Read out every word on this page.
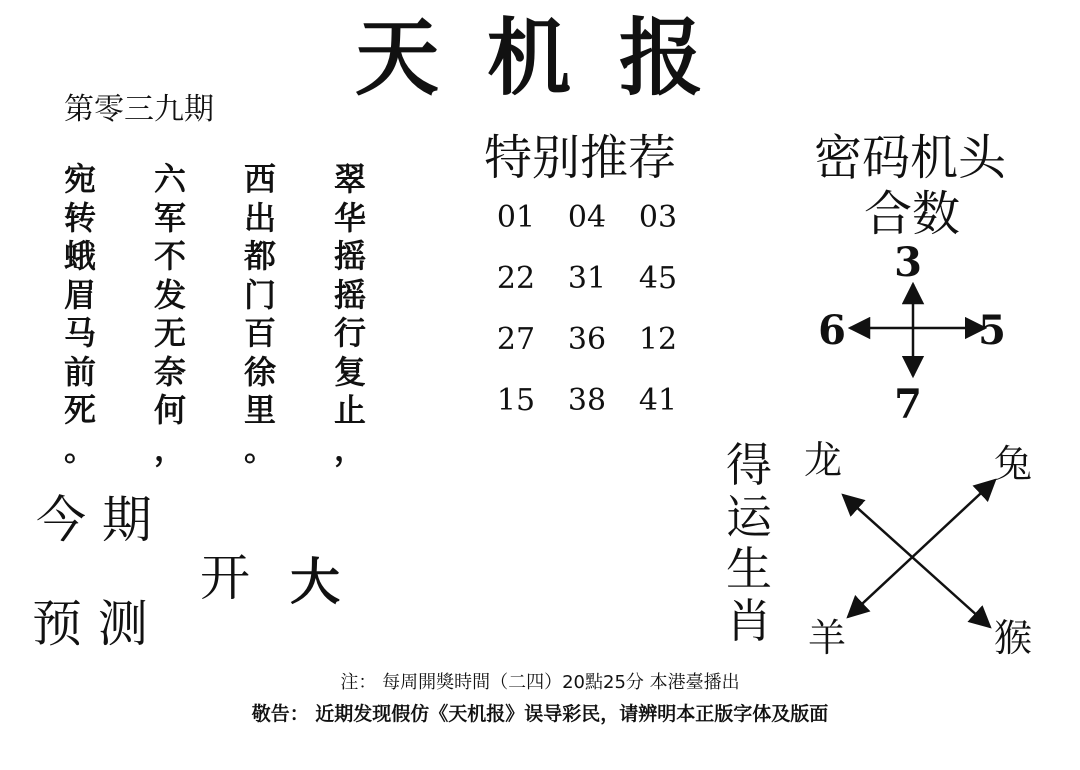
天机报
第零三九期
宛
转
蛾
眉
马
前
死
。
六
军
不
发
无
奈
何
，
西
出
都
门
百
徐
里
。
翠
华
摇
摇
行
复
止
，
特别推荐
01	04	03
22	31	45
27	36	12
15	38	41
密码机头
合数
3
6	5
7
今 期
开 大
预 测
得
运
生
肖
龙	兔
羊	猴
注： 每周開獎時間（二四）20點25分 本港臺播出
敬告： 近期发现假仿《天机报》误导彩民，请辨明本正版字体及版面
